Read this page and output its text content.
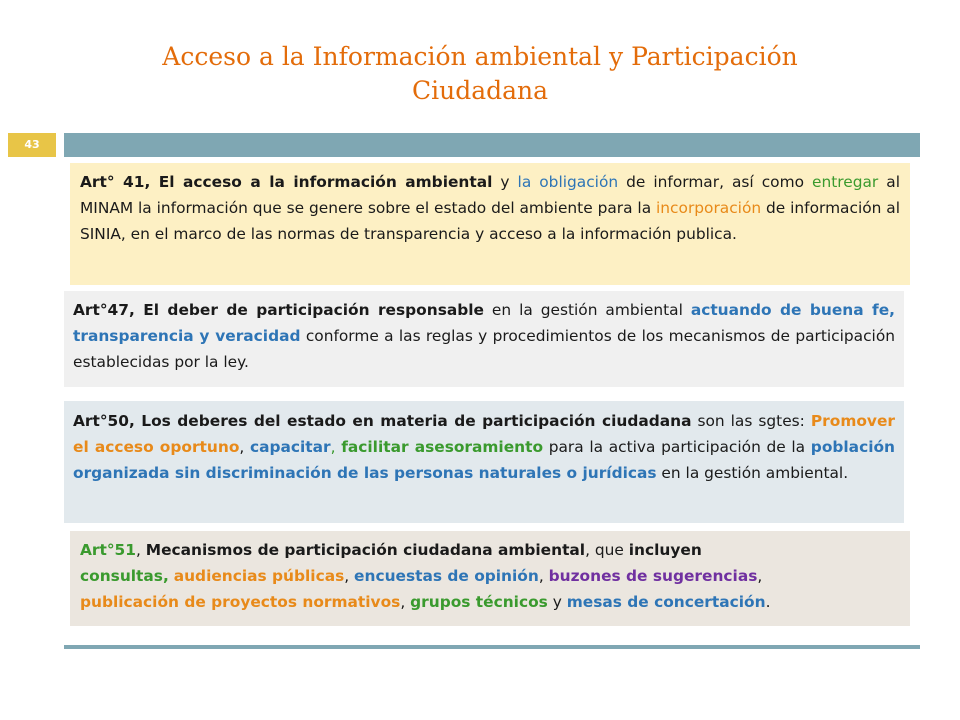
Acceso a la Información ambiental y Participación
Ciudadana
43
Art° 41, El acceso a la información ambiental y la obligación de informar, así como entregar al MINAM la información que se genere sobre el estado del ambiente para la incorporación de información al SINIA, en el marco de las normas de transparencia y acceso a la información publica.
Art°47, El deber de participación responsable en la gestión ambiental actuando de buena fe, transparencia y veracidad conforme a las reglas y procedimientos de los mecanismos de participación establecidas por la ley.
Art°50, Los deberes del estado en materia de participación ciudadana son las sgtes: Promover el acceso oportuno, capacitar, facilitar asesoramiento para la activa participación de la población organizada sin discriminación de las personas naturales o jurídicas en la gestión ambiental.
Art°51, Mecanismos de participación ciudadana ambiental, que incluyen
consultas, audiencias públicas, encuestas de opinión, buzones de sugerencias,
publicación de proyectos normativos, grupos técnicos y mesas de concertación.
